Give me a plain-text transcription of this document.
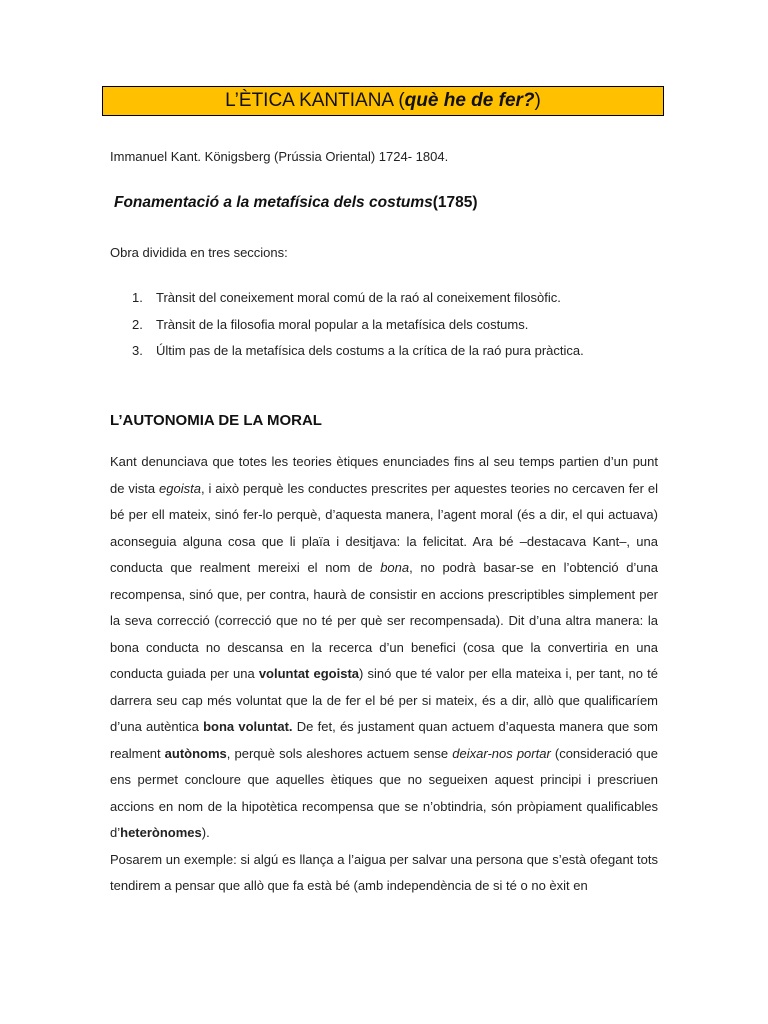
L’ÈTICA KANTIANA (què he de fer?)
Immanuel Kant. Königsberg (Prússia Oriental) 1724- 1804.
Fonamentació a la metafísica dels costums(1785)
Obra dividida en tres seccions:
1. Trànsit del coneixement moral comú de la raó al coneixement filosòfic.
2. Trànsit de la filosofia moral popular a la metafísica dels costums.
3. Últim pas de la metafísica dels costums a la crítica de la raó pura pràctica.
L’AUTONOMIA DE LA MORAL

Kant denunciava que totes les teories ètiques enunciades fins al seu temps partien d’un punt de vista egoista, i això perquè les conductes prescrites per aquestes teories no cercaven fer el bé per ell mateix, sinó fer-lo perquè, d’aquesta manera, l’agent moral (és a dir, el qui actuava) aconseguia alguna cosa que li plaïa i desitjava: la felicitat. Ara bé –destacava Kant–, una conducta que realment mereixi el nom de bona, no podrà basar-se en l’obtenció d’una recompensa, sinó que, per contra, haurà de consistir en accions prescriptibles simplement per la seva correcció (correcció que no té per què ser recompensada). Dit d’una altra manera: la bona conducta no descansa en la recerca d’un benefici (cosa que la convertiria en una conducta guiada per una voluntat egoista) sinó que té valor per ella mateixa i, per tant, no té darrera seu cap més voluntat que la de fer el bé per si mateix, és a dir, allò que qualificaríem d’una autèntica bona voluntat. De fet, és justament quan actuem d’aquesta manera que som realment autònoms, perquè sols aleshores actuem sense deixar-nos portar (consideració que ens permet concloure que aquelles ètiques que no segueixen aquest principi i prescriuen accions en nom de la hipotètica recompensa que se n’obtindria, són pròpiament qualificables d’heterònomes).

Posarem un exemple: si algú es llança a l’aigua per salvar una persona que s’està ofegant tots tendirem a pensar que allò que fa està bé (amb independència de si té o no èxit en
